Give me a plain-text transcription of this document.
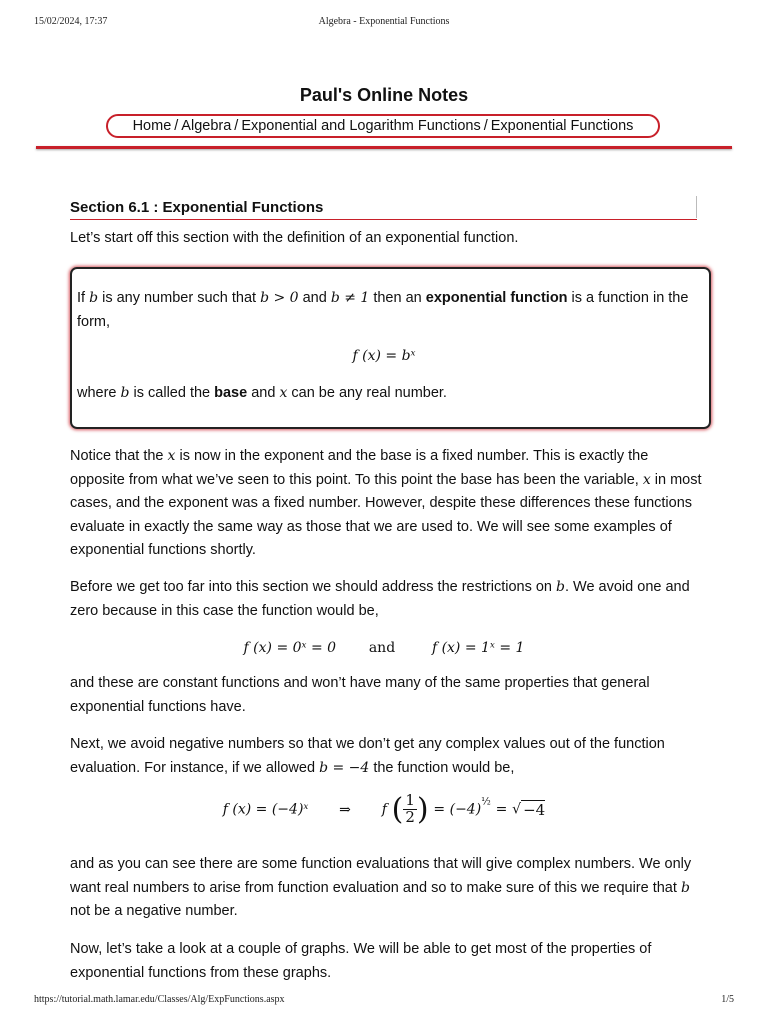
15/02/2024, 17:37	Algebra - Exponential Functions
Paul's Online Notes
Home / Algebra / Exponential and Logarithm Functions / Exponential Functions
Section 6.1 : Exponential Functions

Let’s start off this section with the definition of an exponential function.

If b is any number such that b > 0 and b ≠ 1 then an exponential function is a function in the form,

f (x) = bˣ

where b is called the base and x can be any real number.

Notice that the x is now in the exponent and the base is a fixed number. This is exactly the opposite from what we’ve seen to this point. To this point the base has been the variable, x in most cases, and the exponent was a fixed number. However, despite these differences these functions evaluate in exactly the same way as those that we are used to. We will see some examples of exponential functions shortly.

Before we get too far into this section we should address the restrictions on b. We avoid one and zero because in this case the function would be,

f (x) = 0ˣ = 0 and	f (x) = 1ˣ = 1

and these are constant functions and won’t have many of the same properties that general exponential functions have.

Next, we avoid negative numbers so that we don’t get any complex values out of the function evaluation. For instance, if we allowed b = −4 the function would be,

f (x) = (−4)ˣ ⇒ f ( $\frac{1}{2}$ ) = $(-4)^{\frac{1}{2}}$ = √ −4

and as you can see there are some function evaluations that will give complex numbers. We only want real numbers to arise from function evaluation and so to make sure of this we require that b not be a negative number.

Now, let’s take a look at a couple of graphs. We will be able to get most of the properties of exponential functions from these graphs.

https://tutorial.math.lamar.edu/Classes/Alg/ExpFunctions.aspx	1/5
